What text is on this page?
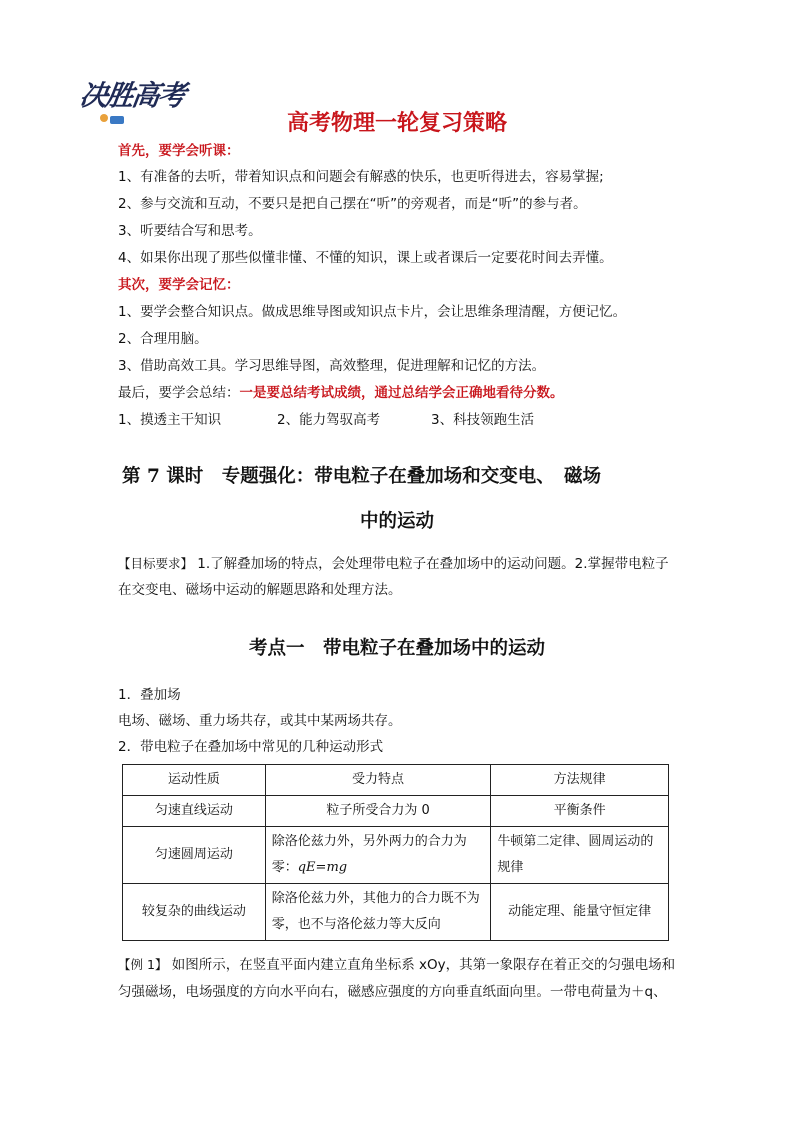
决胜高考
高考物理一轮复习策略
首先，要学会听课：
1、有准备的去听，带着知识点和问题会有解惑的快乐，也更听得进去，容易掌握;
2、参与交流和互动，不要只是把自己摆在“听”的旁观者，而是“听”的参与者。
3、听要结合写和思考。
4、如果你出现了那些似懂非懂、不懂的知识，课上或者课后一定要花时间去弄懂。
其次，要学会记忆：
1、要学会整合知识点。做成思维导图或知识点卡片，会让思维条理清醒，方便记忆。
2、合理用脑。
3、借助高效工具。学习思维导图，高效整理，促进理解和记忆的方法。
最后，要学会总结：一是要总结考试成绩，通过总结学会正确地看待分数。
1、摸透主干知识	2、能力驾驭高考	3、科技领跑生活
第 7 课时　专题强化：带电粒子在叠加场和交变电、　磁场
中的运动
【目标要求】 1.了解叠加场的特点，会处理带电粒子在叠加场中的运动问题。2.掌握带电粒子
在交变电、磁场中运动的解题思路和处理方法。
考点一　带电粒子在叠加场中的运动
1．叠加场
电场、磁场、重力场共存，或其中某两场共存。
2．带电粒子在叠加场中常见的几种运动形式
运动性质	受力特点	方法规律
匀速直线运动	粒子所受合力为 0	平衡条件
匀速圆周运动	除洛伦兹力外，另外两力的合力为零：qE=mg	牛顿第二定律、圆周运动的规律
较复杂的曲线运动	除洛伦兹力外，其他力的合力既不为零，也不与洛伦兹力等大反向	动能定理、能量守恒定律
【例 1】 如图所示，在竖直平面内建立直角坐标系 xOy，其第一象限存在着正交的匀强电场和
匀强磁场，电场强度的方向水平向右，磁感应强度的方向垂直纸面向里。一带电荷量为＋q、
